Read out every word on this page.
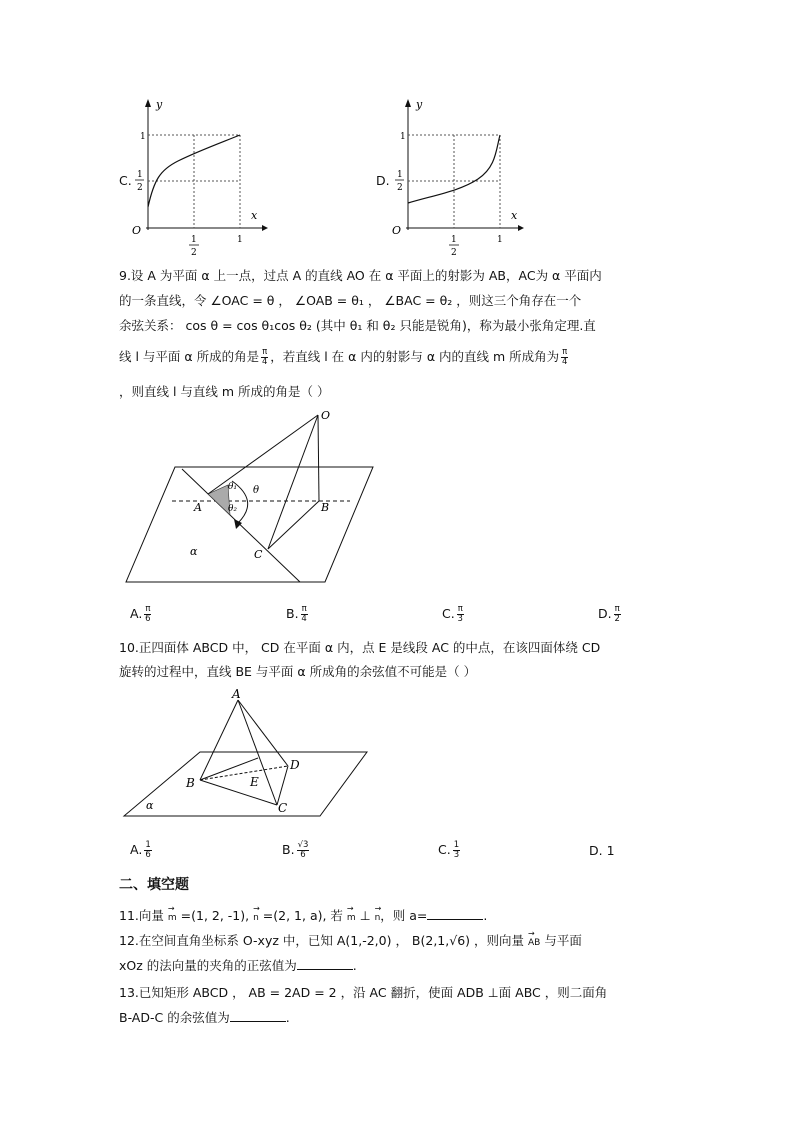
C.
y
x
O
1
1
2
1
2
1
D.
y
x
O
1
1
2
1
2
1
9.设 A 为平面 α 上一点，过点 A 的直线 AO 在 α 平面上的射影为 AB，AC为 α 平面内
的一条直线，令 ∠OAC = θ ， ∠OAB = θ₁ ， ∠BAC = θ₂ ，则这三个角存在一个
余弦关系： cos θ = cos θ₁cos θ₂ (其中 θ₁ 和 θ₂ 只能是锐角)，称为最小张角定理.直
线 l 与平面 α 所成的角是 $\frac{\pi}{4}$ ，若直线 l 在 α 内的射影与 α 内的直线 m 所成角为 $\frac{\pi}{4}$
，则直线 l 与直线 m 所成的角是（ ）
O
A	B
C
α
θ
θ₁
θ₂
A. $\frac{\pi}{6}$	B. $\frac{\pi}{4}$	C. $\frac{\pi}{3}$	D. $\frac{\pi}{2}$
10.正四面体 ABCD 中， CD 在平面 α 内，点 E 是线段 AC 的中点，在该四面体绕 CD
旋转的过程中，直线 BE 与平面 α 所成角的余弦值不可能是（ ）
A
B
C
D
E
α
A. $\frac{1}{6}$	B. $\frac{√3}{6}$	C. $\frac{1}{3}$	D. 1
二、填空题
11.向量 → m =(1, 2, -1), → n =(2, 1, a), 若 → m ⊥ → n，则 a=	.
12.在空间直角坐标系 O-xyz 中，已知 A(1,-2,0) ， B(2,1,√6) ，则向量 → AB 与平面
xOz 的法向量的夹角的正弦值为	.
13.已知矩形 ABCD ， AB = 2AD = 2 ，沿 AC 翻折，使面 ADB ⊥面 ABC ，则二面角
B-AD-C 的余弦值为	.
